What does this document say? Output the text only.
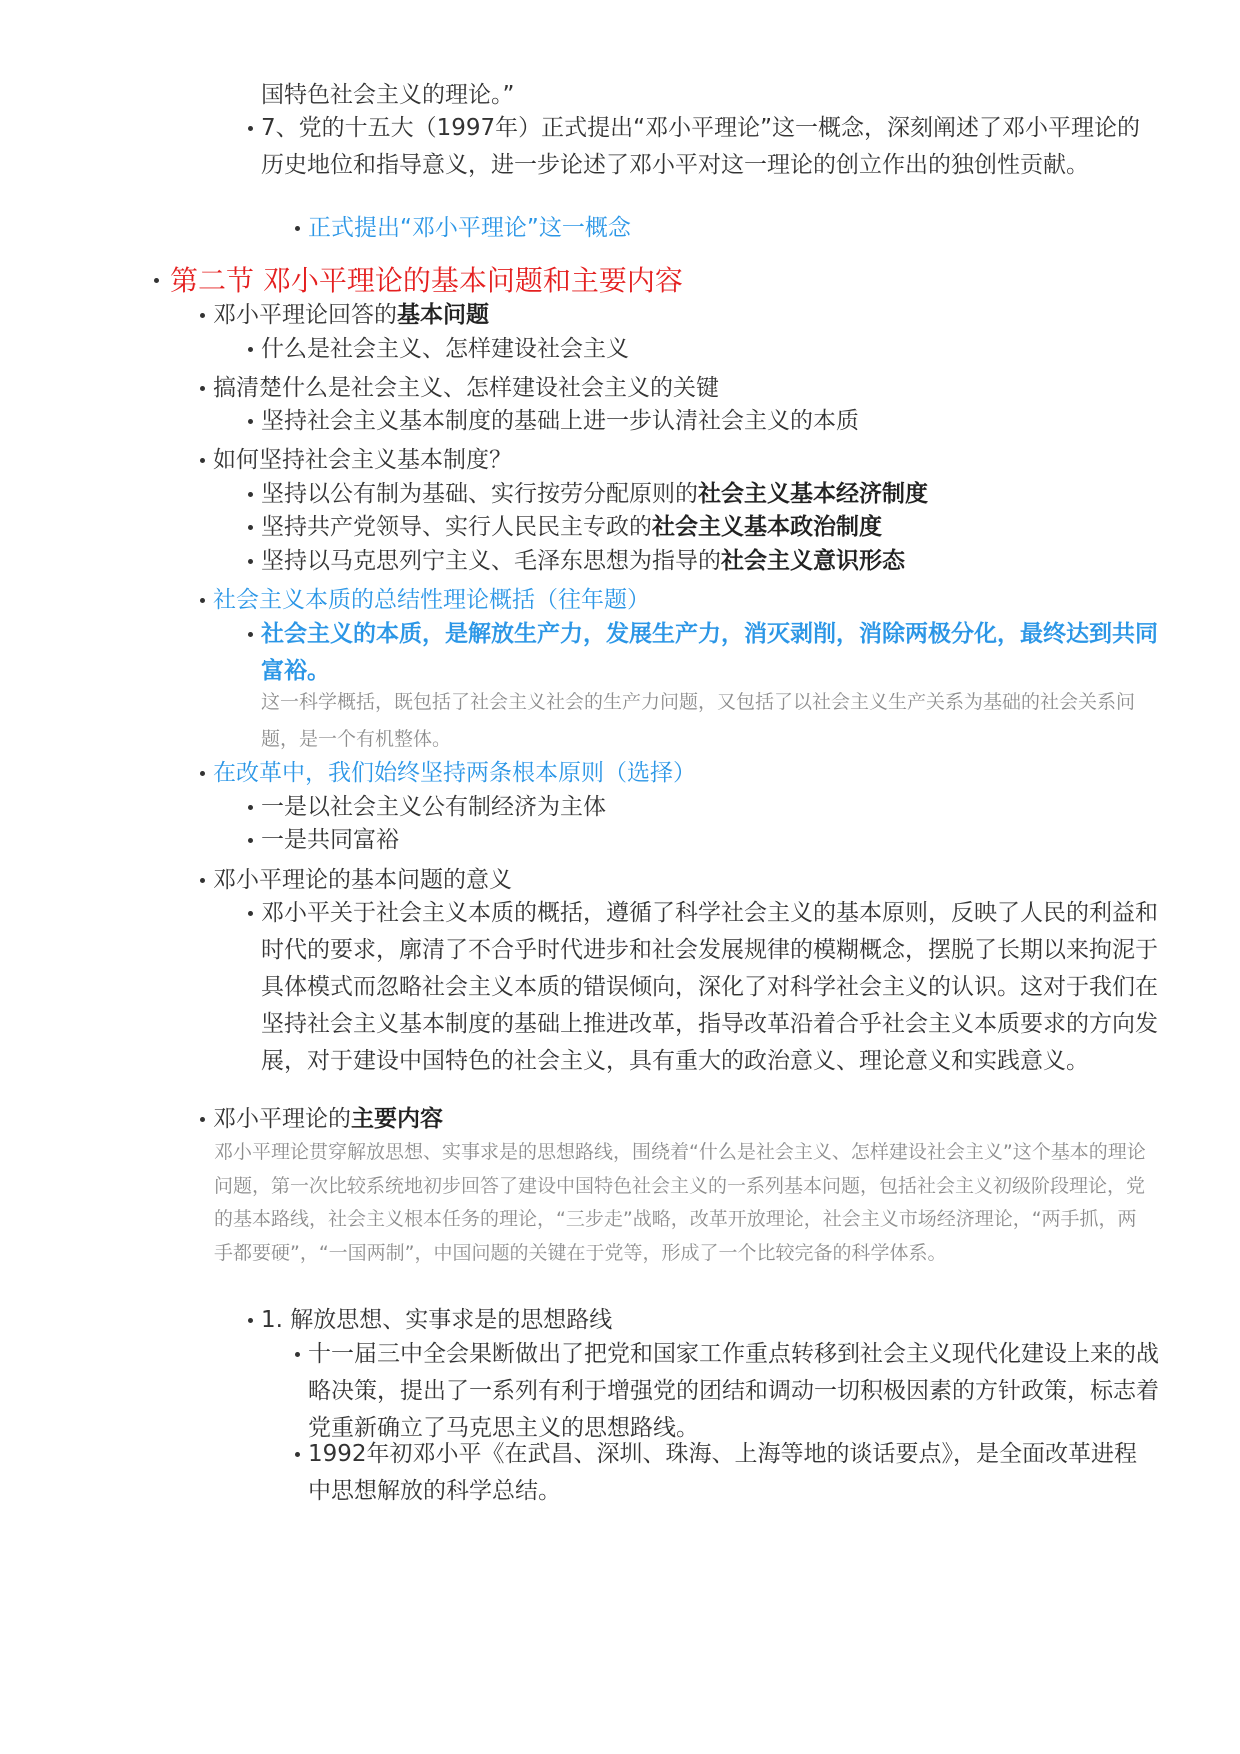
国特色社会主义的理论。”
7、党的十五大（1997年）正式提出“邓小平理论”这一概念，深刻阐述了邓小平理论的历史地位和指导意义，进一步论述了邓小平对这一理论的创立作出的独创性贡献。
正式提出“邓小平理论”这一概念
第二节 邓小平理论的基本问题和主要内容
邓小平理论回答的基本问题
什么是社会主义、怎样建设社会主义
搞清楚什么是社会主义、怎样建设社会主义的关键
坚持社会主义基本制度的基础上进一步认清社会主义的本质
如何坚持社会主义基本制度？
坚持以公有制为基础、实行按劳分配原则的社会主义基本经济制度
坚持共产党领导、实行人民民主专政的社会主义基本政治制度
坚持以马克思列宁主义、毛泽东思想为指导的社会主义意识形态
社会主义本质的总结性理论概括（往年题）
社会主义的本质，是解放生产力，发展生产力，消灭剥削，消除两极分化，最终达到共同富裕。
这一科学概括，既包括了社会主义社会的生产力问题，又包括了以社会主义生产关系为基础的社会关系问题，是一个有机整体。
在改革中，我们始终坚持两条根本原则（选择）
一是以社会主义公有制经济为主体
一是共同富裕
邓小平理论的基本问题的意义
邓小平关于社会主义本质的概括，遵循了科学社会主义的基本原则，反映了人民的利益和时代的要求，廓清了不合乎时代进步和社会发展规律的模糊概念，摆脱了长期以来拘泥于具体模式而忽略社会主义本质的错误倾向，深化了对科学社会主义的认识。这对于我们在坚持社会主义基本制度的基础上推进改革，指导改革沿着合乎社会主义本质要求的方向发展，对于建设中国特色的社会主义，具有重大的政治意义、理论意义和实践意义。
邓小平理论的主要内容
邓小平理论贯穿解放思想、实事求是的思想路线，围绕着“什么是社会主义、怎样建设社会主义”这个基本的理论问题，第一次比较系统地初步回答了建设中国特色社会主义的一系列基本问题，包括社会主义初级阶段理论，党的基本路线，社会主义根本任务的理论，“三步走”战略，改革开放理论，社会主义市场经济理论，“两手抓，两手都要硬”，“一国两制”，中国问题的关键在于党等，形成了一个比较完备的科学体系。
1. 解放思想、实事求是的思想路线
十一届三中全会果断做出了把党和国家工作重点转移到社会主义现代化建设上来的战略决策，提出了一系列有利于增强党的团结和调动一切积极因素的方针政策，标志着党重新确立了马克思主义的思想路线。
1992年初邓小平《在武昌、深圳、珠海、上海等地的谈话要点》，是全面改革进程中思想解放的科学总结。
